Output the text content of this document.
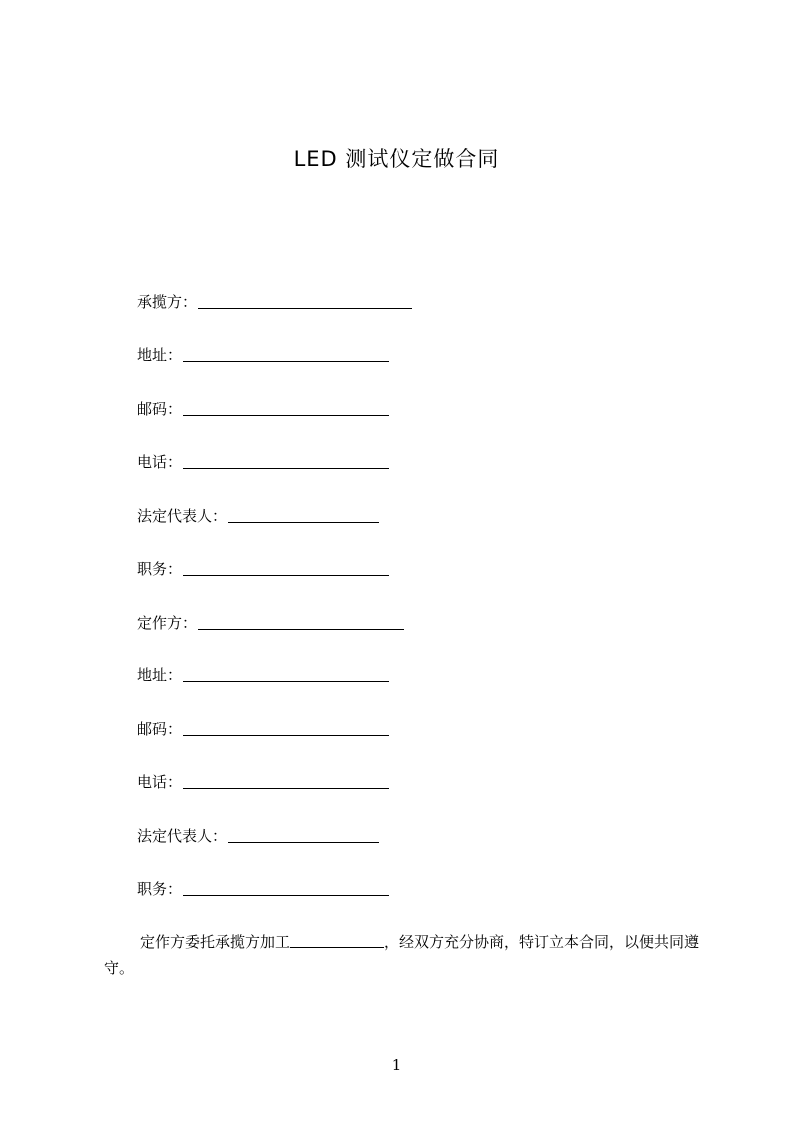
LED 测试仪定做合同
承揽方：
地址：
邮码：
电话：
法定代表人：
职务：
定作方：
地址：
邮码：
电话：
法定代表人：
职务：
定作方委托承揽方加工	，经双方充分协商，特订立本合同，以便共同遵守。
1
